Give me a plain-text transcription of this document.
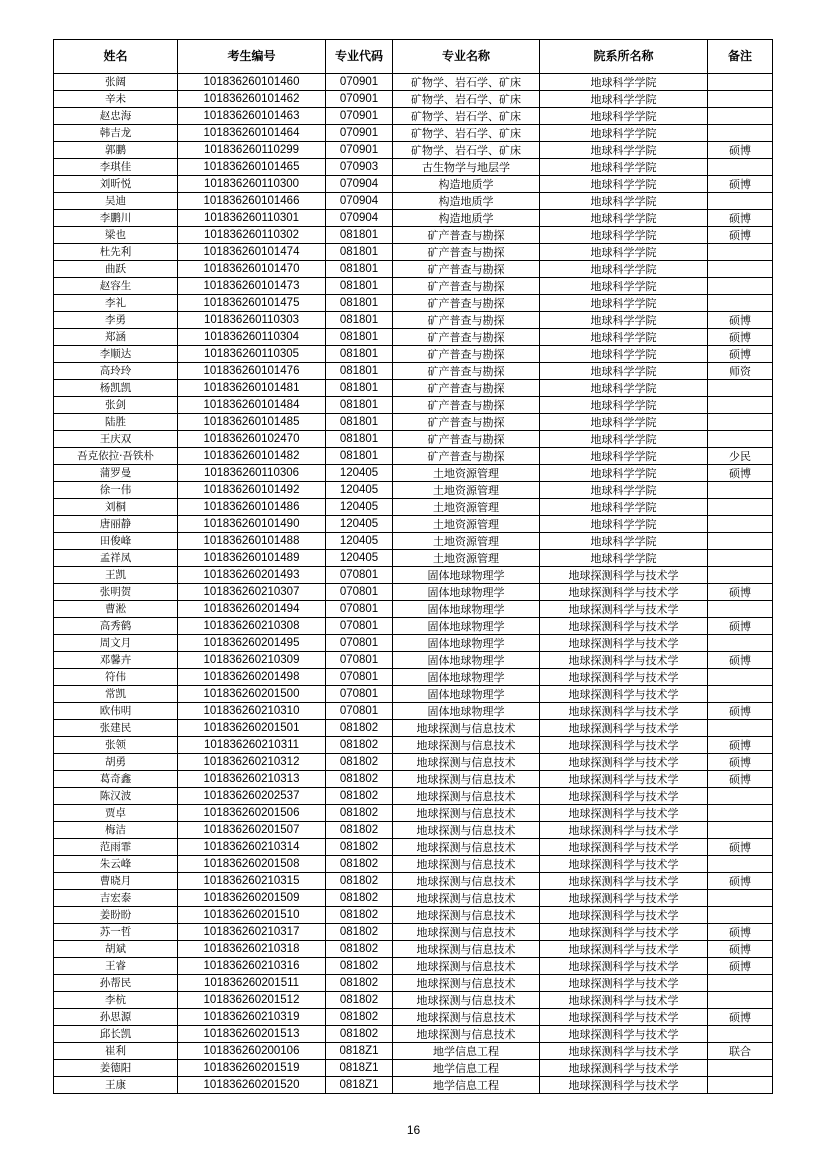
姓名	考生编号	专业代码	专业名称	院系所名称	备注
张阔	101836260101460	070901	矿物学、岩石学、矿床	地球科学学院	
辛未	101836260101462	070901	矿物学、岩石学、矿床	地球科学学院	
赵忠海	101836260101463	070901	矿物学、岩石学、矿床	地球科学学院	
韩吉龙	101836260101464	070901	矿物学、岩石学、矿床	地球科学学院	
郭鹏	101836260110299	070901	矿物学、岩石学、矿床	地球科学学院	硕博
李琪佳	101836260101465	070903	古生物学与地层学	地球科学学院	
刘昕悦	101836260110300	070904	构造地质学	地球科学学院	硕博
吴迪	101836260101466	070904	构造地质学	地球科学学院	
李鹏川	101836260110301	070904	构造地质学	地球科学学院	硕博
梁也	101836260110302	081801	矿产普查与勘探	地球科学学院	硕博
杜先利	101836260101474	081801	矿产普查与勘探	地球科学学院	
曲跃	101836260101470	081801	矿产普查与勘探	地球科学学院	
赵容生	101836260101473	081801	矿产普查与勘探	地球科学学院	
李礼	101836260101475	081801	矿产普查与勘探	地球科学学院	
李勇	101836260110303	081801	矿产普查与勘探	地球科学学院	硕博
郑涵	101836260110304	081801	矿产普查与勘探	地球科学学院	硕博
李顺达	101836260110305	081801	矿产普查与勘探	地球科学学院	硕博
高玲玲	101836260101476	081801	矿产普查与勘探	地球科学学院	师资
杨凯凯	101836260101481	081801	矿产普查与勘探	地球科学学院	
张剑	101836260101484	081801	矿产普查与勘探	地球科学学院	
陆胜	101836260101485	081801	矿产普查与勘探	地球科学学院	
王庆双	101836260102470	081801	矿产普查与勘探	地球科学学院	
吾克依拉·吾铁朴	101836260101482	081801	矿产普查与勘探	地球科学学院	少民
蒲罗曼	101836260110306	120405	土地资源管理	地球科学学院	硕博
徐一伟	101836260101492	120405	土地资源管理	地球科学学院	
刘桐	101836260101486	120405	土地资源管理	地球科学学院	
唐丽静	101836260101490	120405	土地资源管理	地球科学学院	
田俊峰	101836260101488	120405	土地资源管理	地球科学学院	
孟祥凤	101836260101489	120405	土地资源管理	地球科学学院	
王凯	101836260201493	070801	固体地球物理学	地球探测科学与技术学	
张明贺	101836260210307	070801	固体地球物理学	地球探测科学与技术学	硕博
曹淞	101836260201494	070801	固体地球物理学	地球探测科学与技术学	
高秀鹤	101836260210308	070801	固体地球物理学	地球探测科学与技术学	硕博
周文月	101836260201495	070801	固体地球物理学	地球探测科学与技术学	
邓馨卉	101836260210309	070801	固体地球物理学	地球探测科学与技术学	硕博
符伟	101836260201498	070801	固体地球物理学	地球探测科学与技术学	
常凯	101836260201500	070801	固体地球物理学	地球探测科学与技术学	
欧伟明	101836260210310	070801	固体地球物理学	地球探测科学与技术学	硕博
张建民	101836260201501	081802	地球探测与信息技术	地球探测科学与技术学	
张领	101836260210311	081802	地球探测与信息技术	地球探测科学与技术学	硕博
胡勇	101836260210312	081802	地球探测与信息技术	地球探测科学与技术学	硕博
葛奇鑫	101836260210313	081802	地球探测与信息技术	地球探测科学与技术学	硕博
陈汉波	101836260202537	081802	地球探测与信息技术	地球探测科学与技术学	
贾卓	101836260201506	081802	地球探测与信息技术	地球探测科学与技术学	
梅洁	101836260201507	081802	地球探测与信息技术	地球探测科学与技术学	
范雨霏	101836260210314	081802	地球探测与信息技术	地球探测科学与技术学	硕博
朱云峰	101836260201508	081802	地球探测与信息技术	地球探测科学与技术学	
曹晓月	101836260210315	081802	地球探测与信息技术	地球探测科学与技术学	硕博
吉宏泰	101836260201509	081802	地球探测与信息技术	地球探测科学与技术学	
姜盼盼	101836260201510	081802	地球探测与信息技术	地球探测科学与技术学	
苏一哲	101836260210317	081802	地球探测与信息技术	地球探测科学与技术学	硕博
胡斌	101836260210318	081802	地球探测与信息技术	地球探测科学与技术学	硕博
王睿	101836260210316	081802	地球探测与信息技术	地球探测科学与技术学	硕博
孙帮民	101836260201511	081802	地球探测与信息技术	地球探测科学与技术学	
李杭	101836260201512	081802	地球探测与信息技术	地球探测科学与技术学	
孙思源	101836260210319	081802	地球探测与信息技术	地球探测科学与技术学	硕博
邱长凯	101836260201513	081802	地球探测与信息技术	地球探测科学与技术学	
崔利	101836260200106	0818Z1	地学信息工程	地球探测科学与技术学	联合
姜德阳	101836260201519	0818Z1	地学信息工程	地球探测科学与技术学	
王康	101836260201520	0818Z1	地学信息工程	地球探测科学与技术学	
16
